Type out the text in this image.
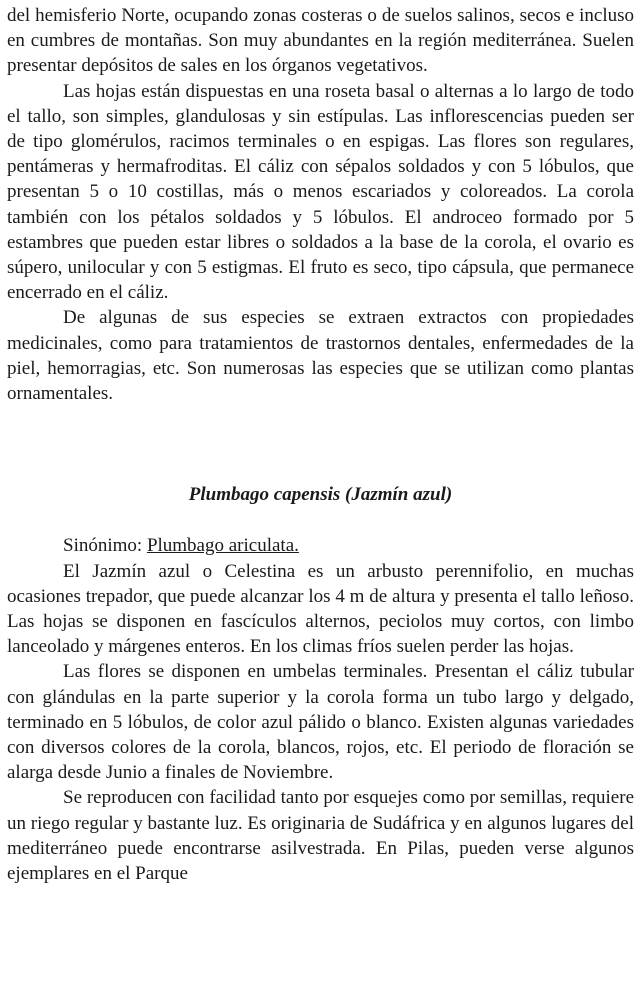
del hemisferio Norte, ocupando zonas costeras o de suelos salinos, secos e incluso en cumbres de montañas. Son muy abundantes en la región mediterránea. Suelen presentar depósitos de sales en los órganos vegetativos.

Las hojas están dispuestas en una roseta basal o alternas a lo largo de todo el tallo, son simples, glandulosas y sin estípulas. Las inflorescencias pueden ser de tipo glomérulos, racimos terminales o en espigas. Las flores son regulares, pentámeras y hermafroditas. El cáliz con sépalos soldados y con 5 lóbulos, que presentan 5 o 10 costillas, más o menos escariados y coloreados. La corola también con los pétalos soldados y 5 lóbulos. El androceo formado por 5 estambres que pueden estar libres o soldados a la base de la corola, el ovario es súpero, unilocular y con 5 estigmas. El fruto es seco, tipo cápsula, que permanece encerrado en el cáliz.

De algunas de sus especies se extraen extractos con propiedades medicinales, como para tratamientos de trastornos dentales, enfermedades de la piel, hemorragias, etc. Son numerosas las especies que se utilizan como plantas ornamentales.

Plumbago capensis (Jazmín azul)

Sinónimo: Plumbago ariculata.

El Jazmín azul o Celestina es un arbusto perennifolio, en muchas ocasiones trepador, que puede alcanzar los 4 m de altura y presenta el tallo leñoso. Las hojas se disponen en fascículos alternos, peciolos muy cortos, con limbo lanceolado y márgenes enteros. En los climas fríos suelen perder las hojas.

Las flores se disponen en umbelas terminales. Presentan el cáliz tubular con glándulas en la parte superior y la corola forma un tubo largo y delgado, terminado en 5 lóbulos, de color azul pálido o blanco. Existen algunas variedades con diversos colores de la corola, blancos, rojos, etc. El periodo de floración se alarga desde Junio a finales de Noviembre.

Se reproducen con facilidad tanto por esquejes como por semillas, requiere un riego regular y bastante luz. Es originaria de Sudáfrica y en algunos lugares del mediterráneo puede encontrarse asilvestrada. En Pilas, pueden verse algunos ejemplares en el Parque
